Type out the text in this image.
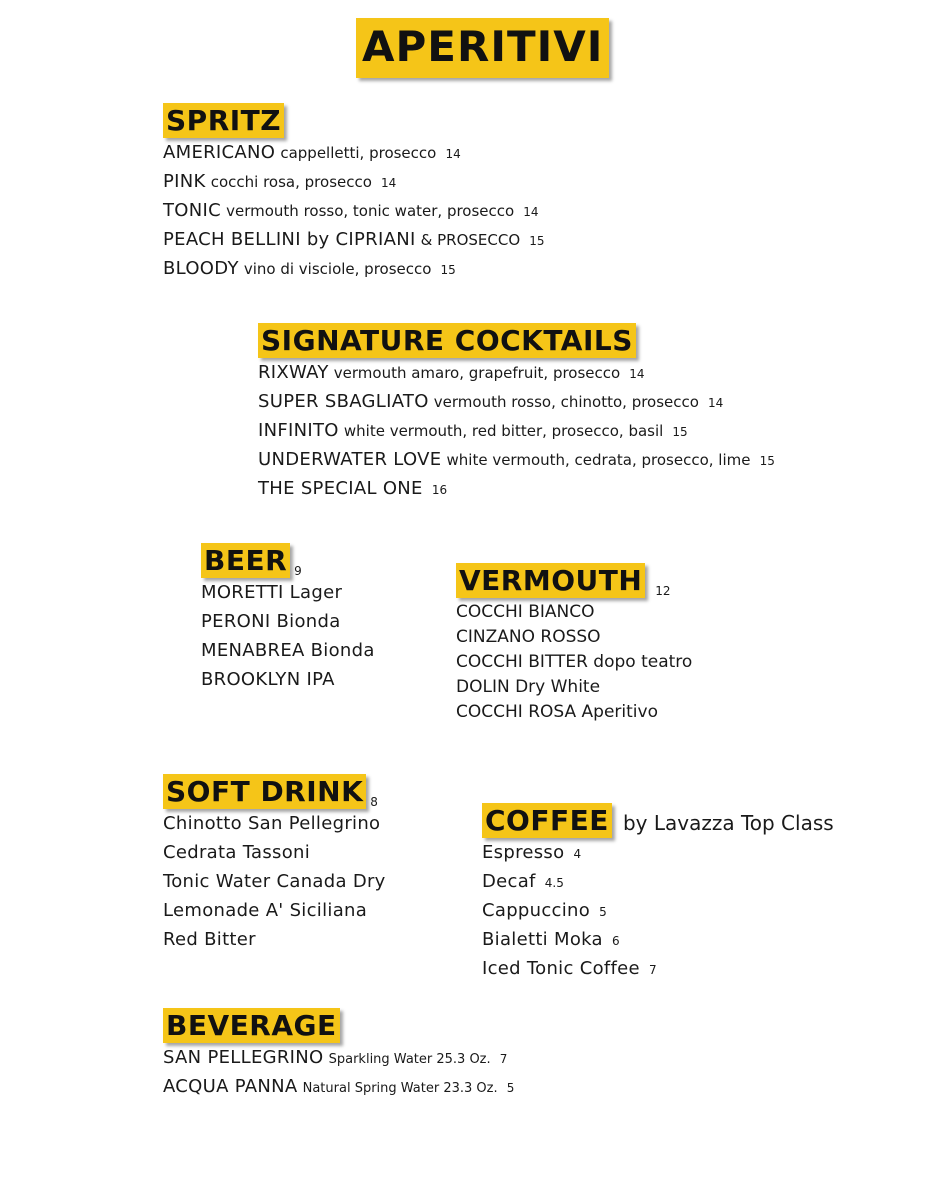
APERITIVI
SPRITZ
AMERICANO cappelletti, prosecco 14
PINK cocchi rosa, prosecco 14
TONIC vermouth rosso, tonic water, prosecco 14
PEACH BELLINI by CIPRIANI & PROSECCO 15
BLOODY vino di visciole, prosecco 15
SIGNATURE COCKTAILS
RIXWAY vermouth amaro, grapefruit, prosecco 14
SUPER SBAGLIATO vermouth rosso, chinotto, prosecco 14
INFINITO white vermouth, red bitter, prosecco, basil 15
UNDERWATER LOVE white vermouth, cedrata, prosecco, lime 15
THE SPECIAL ONE 16
BEER 9
MORETTI Lager
PERONI Bionda
MENABREA Bionda
BROOKLYN IPA
VERMOUTH 12
COCCHI BIANCO
CINZANO ROSSO
COCCHI BITTER dopo teatro
DOLIN Dry White
COCCHI ROSA Aperitivo
SOFT DRINK 8
Chinotto San Pellegrino
Cedrata Tassoni
Tonic Water Canada Dry
Lemonade A' Siciliana
Red Bitter
COFFEE by Lavazza Top Class
Espresso 4
Decaf 4.5
Cappuccino 5
Bialetti Moka 6
Iced Tonic Coffee 7
BEVERAGE
SAN PELLEGRINO Sparkling Water 25.3 Oz. 7
ACQUA PANNA Natural Spring Water 23.3 Oz. 5
